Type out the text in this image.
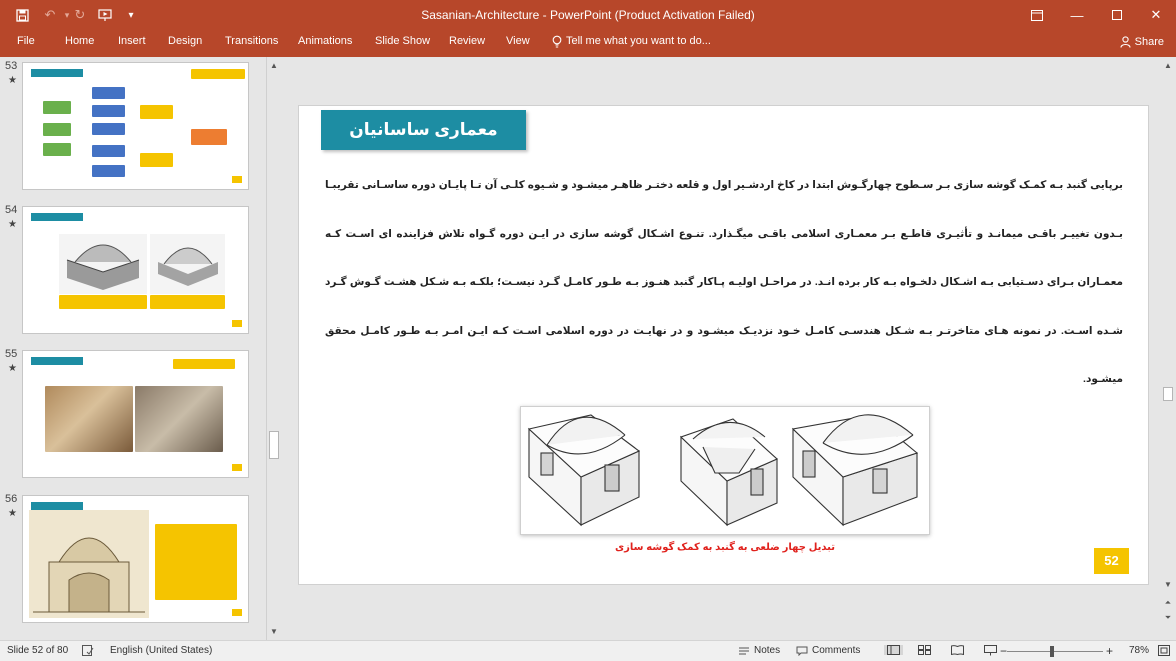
↶	▾ ↻	▾	Sasanian-Architecture - PowerPoint (Product Activation Failed)	—	✕
File	Home Insert Design Transitions Animations Slide Show Review View	Tell me what you want to do...	Share
53
★
54
★
55
★
56
★
▲
▼
معماری ساسانیان
برپایی گنبد بـه کمـک گوشه سازی بـر سـطوح چهارگـوش ابتدا در کاخ اردشـیر اول و قلعه دختـر ظاهـر میشـود و شـیوه کلـی آن تـا پایـان دوره ساسـانی تقریبـا بـدون تغییـر باقـی میمانـد و تأثیـری قاطـع بـر معمـاری اسلامی باقـی میگـذارد. تنـوع اشـکال گوشه سازی در ایـن دوره گـواه تلاش فزاینده ای اسـت کـه معمـاران بـرای دسـتیابی بـه اشـکال دلخـواه بـه کار برده انـد. در مراحـل اولیـه پـاکار گنبد هنـوز بـه طـور کامـل گـرد نیسـت؛ بلکـه بـه شـکل هشـت گـوش گـرد شـده اسـت. در نمونه هـای متاخرتـر بـه شـکل هندسـی کامـل خـود نزدیـک میشـود و در نهایـت در دوره اسلامی اسـت کـه ایـن امـر بـه طـور کامـل محقق میشـود.
تبدیل چهار ضلعی به گنبد به کمک گوشه سازی
52
▲
▼
⏶
⏷
Slide 52 of 80	English (United States)	Notes	Comments	−	+ 78%
